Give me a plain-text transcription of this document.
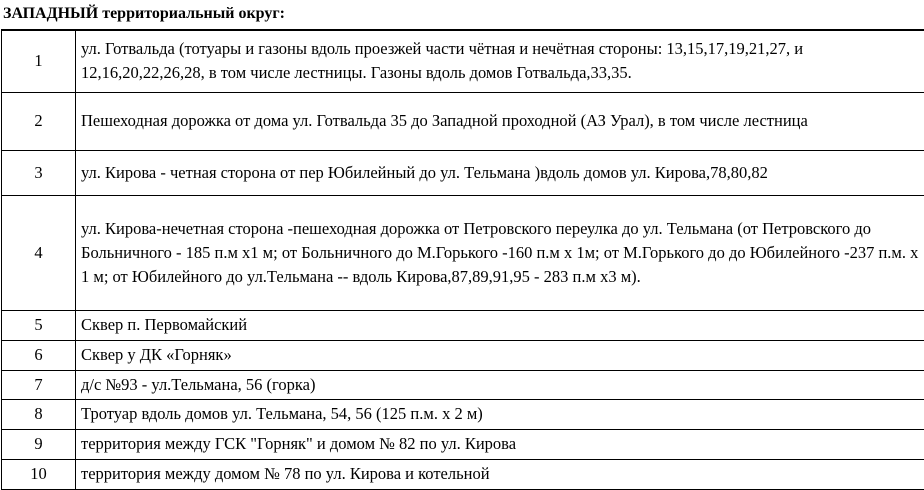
ЗАПАДНЫЙ территориальный округ:
1	ул. Готвальда (тотуары и газоны вдоль проезжей части чётная и нечётная стороны: 13,15,17,19,21,27, и 12,16,20,22,26,28, в том числе лестницы. Газоны вдоль домов Готвальда,33,35.
2	Пешеходная дорожка от дома ул. Готвальда 35 до Западной проходной (АЗ Урал), в том числе лестница
3	ул. Кирова - четная сторона от пер Юбилейный до ул. Тельмана )вдоль домов ул. Кирова,78,80,82
4	ул. Кирова-нечетная сторона -пешеходная дорожка от Петровского переулка до ул. Тельмана (от Петровского до Больничного - 185 п.м х1 м; от Больничного до М.Горького -160 п.м х 1м; от М.Горького до до Юбилейного -237 п.м. х 1 м; от Юбилейного до ул.Тельмана -- вдоль Кирова,87,89,91,95 - 283 п.м х3 м).
5	Сквер п. Первомайский
6	Сквер у ДК «Горняк»
7	д/с №93 - ул.Тельмана, 56 (горка)
8	Тротуар вдоль домов ул. Тельмана, 54, 56 (125 п.м. х 2 м)
9	территория между ГСК "Горняк" и домом № 82 по ул. Кирова
10	территория между домом № 78 по ул. Кирова и котельной
